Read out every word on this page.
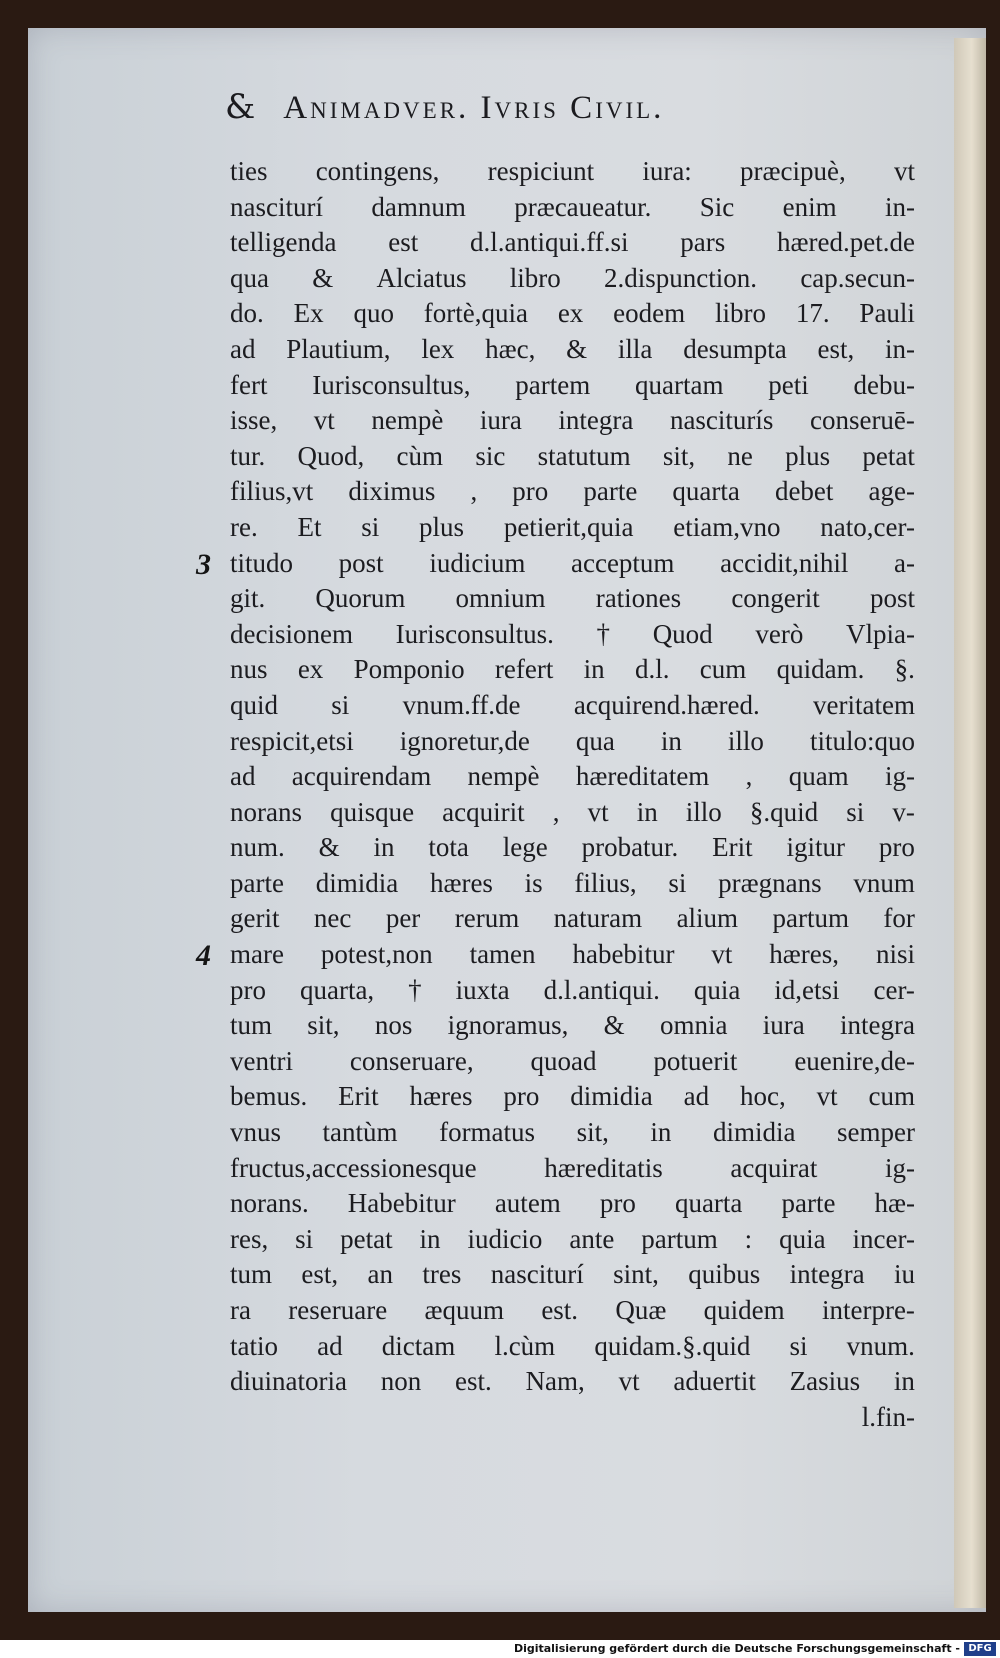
& Animadver. Ivris Civil.
ties contingens, respiciunt iura: præcipuè, vt
nasciturí damnum præcaueatur. Sic enim in-
telligenda est d.l.antiqui.ff.si pars hæred.pet.de
qua & Alciatus libro 2.dispunction. cap.secun-
do. Ex quo fortè,quia ex eodem libro 17. Pauli
ad Plautium, lex hæc, & illa desumpta est, in-
fert Iurisconsultus, partem quartam peti debu-
isse, vt nempè iura integra nasciturís conseruē-
tur. Quod, cùm sic statutum sit, ne plus petat
filius,vt diximus , pro parte quarta debet age-
re. Et si plus petierit,quia etiam,vno nato,cer-
titudo post iudicium acceptum accidit,nihil a-
git. Quorum omnium rationes congerit post
decisionem Iurisconsultus. † Quod verò Vlpia-
nus ex Pomponio refert in d.l. cum quidam. §.
quid si vnum.ff.de acquirend.hæred. veritatem
respicit,etsi ignoretur,de qua in illo titulo:quo
ad acquirendam nempè hæreditatem , quam ig-
norans quisque acquirit , vt in illo §.quid si v-
num. & in tota lege probatur. Erit igitur pro
parte dimidia hæres is filius, si prægnans vnum
gerit nec per rerum naturam alium partum for
mare potest,non tamen habebitur vt hæres, nisi
pro quarta, † iuxta d.l.antiqui. quia id,etsi cer-
tum sit, nos ignoramus, & omnia iura integra
ventri conseruare, quoad potuerit euenire,de-
bemus. Erit hæres pro dimidia ad hoc, vt cum
vnus tantùm formatus sit, in dimidia semper
fructus,accessionesque	hæreditatis	acquirat	ig-
norans. Habebitur autem pro quarta parte hæ-
res, si petat in iudicio ante partum : quia incer-
tum est, an tres nasciturí sint, quibus integra iu
ra reseruare æquum est. Quæ quidem interpre-
tatio ad dictam l.cùm quidam.§.quid si vnum.
diuinatoria non est. Nam, vt aduertit Zasius in
l.fin-
3
4
Digitalisierung gefördert durch die Deutsche Forschungsgemeinschaft - DFG
